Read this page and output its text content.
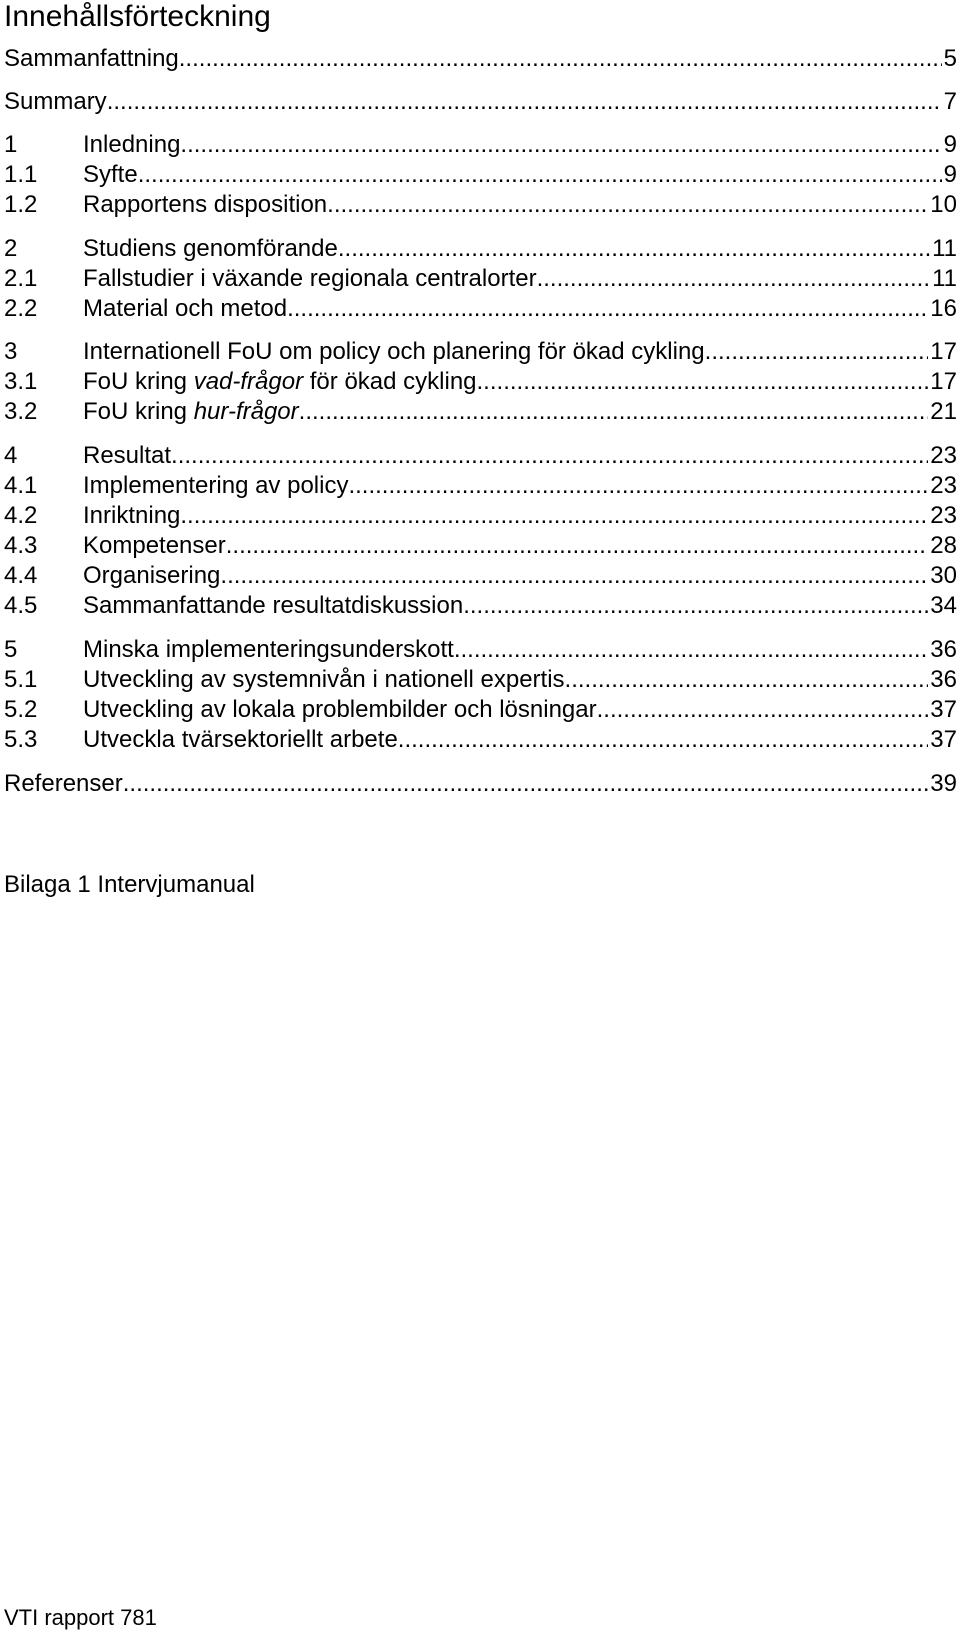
Innehållsförteckning
Sammanfattning .....	5
Summary .....	7
1	Inledning .....	9
1.1	Syfte .....	9
1.2	Rapportens disposition .....	10
2	Studiens genomförande .....	11
2.1	Fallstudier i växande regionala centralorter .....	11
2.2	Material och metod .....	16
3	Internationell FoU om policy och planering för ökad cykling .....	17
3.1	FoU kring vad-frågor för ökad cykling .....	17
3.2	FoU kring hur-frågor .....	21
4	Resultat .....	23
4.1	Implementering av policy .....	23
4.2	Inriktning .....	23
4.3	Kompetenser .....	28
4.4	Organisering .....	30
4.5	Sammanfattande resultatdiskussion .....	34
5	Minska implementeringsunderskott .....	36
5.1	Utveckling av systemnivån i nationell expertis .....	36
5.2	Utveckling av lokala problembilder och lösningar .....	37
5.3	Utveckla tvärsektoriellt arbete .....	37
Referenser .....	39
Bilaga 1 Intervjumanual
VTI rapport 781
